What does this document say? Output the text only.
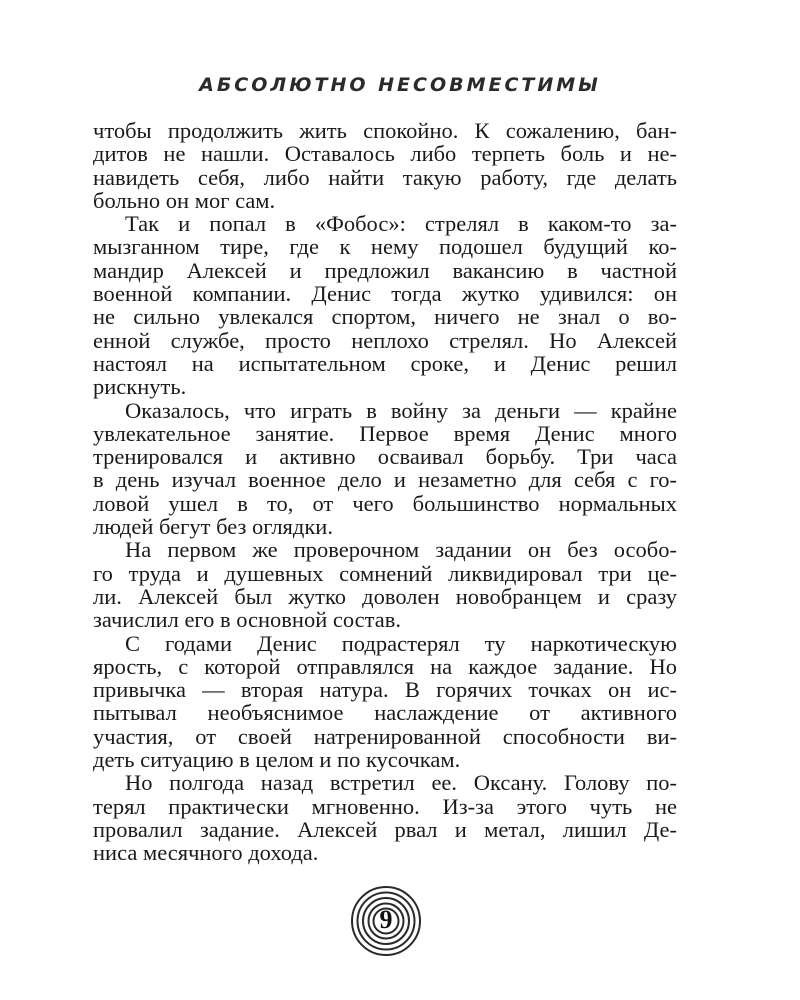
АБСОЛЮТНО НЕСОВМЕСТИМЫ
чтобы продолжить жить спокойно. К сожалению, бан-
дитов не нашли. Оставалось либо терпеть боль и не-
навидеть себя, либо найти такую работу, где делать
больно он мог сам.
Так и попал в «Фобос»: стрелял в каком-то за-
мызганном тире, где к нему подошел будущий ко-
мандир Алексей и предложил вакансию в частной
военной компании. Денис тогда жутко удивился: он
не сильно увлекался спортом, ничего не знал о во-
енной службе, просто неплохо стрелял. Но Алексей
настоял на испытательном сроке, и Денис решил
рискнуть.
Оказалось, что играть в войну за деньги — крайне
увлекательное занятие. Первое время Денис много
тренировался и активно осваивал борьбу. Три часа
в день изучал военное дело и незаметно для себя с го-
ловой ушел в то, от чего большинство нормальных
людей бегут без оглядки.
На первом же проверочном задании он без особо-
го труда и душевных сомнений ликвидировал три це-
ли. Алексей был жутко доволен новобранцем и сразу
зачислил его в основной состав.
С годами Денис подрастерял ту наркотическую
ярость, с которой отправлялся на каждое задание. Но
привычка — вторая натура. В горячих точках он ис-
пытывал необъяснимое наслаждение от активного
участия, от своей натренированной способности ви-
деть ситуацию в целом и по кусочкам.
Но полгода назад встретил ее. Оксану. Голову по-
терял практически мгновенно. Из-за этого чуть не
провалил задание. Алексей рвал и метал, лишил Де-
ниса месячного дохода.
9
